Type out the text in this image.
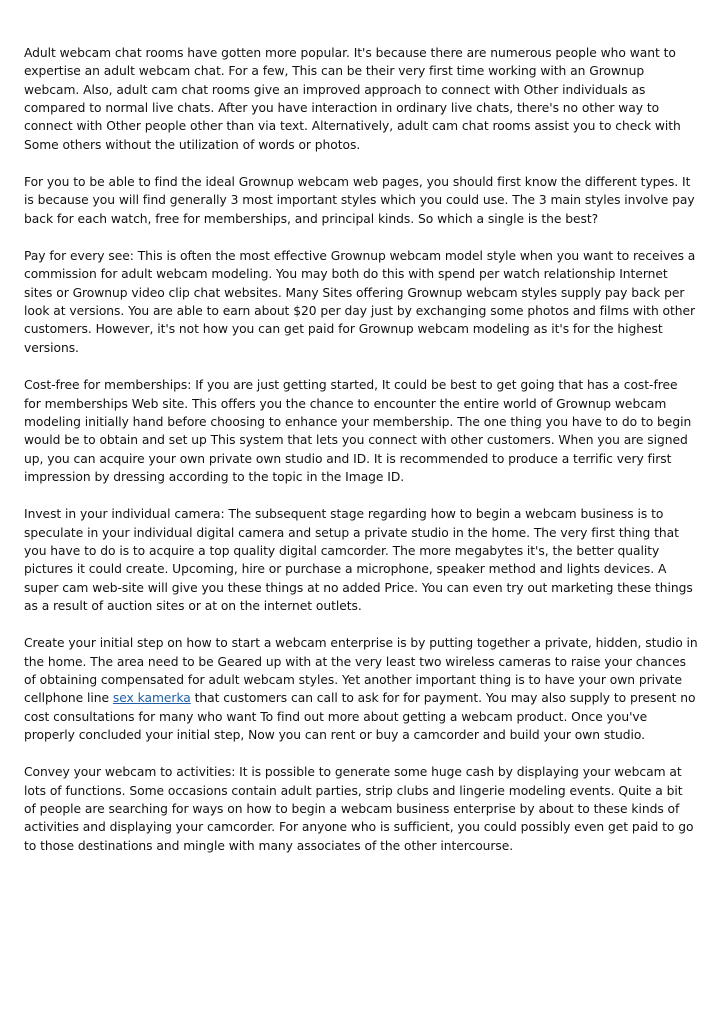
Adult webcam chat rooms have gotten more popular. It's because there are numerous people who want to expertise an adult webcam chat. For a few, This can be their very first time working with an Grownup webcam. Also, adult cam chat rooms give an improved approach to connect with Other individuals as compared to normal live chats. After you have interaction in ordinary live chats, there's no other way to connect with Other people other than via text. Alternatively, adult cam chat rooms assist you to check with Some others without the utilization of words or photos.

For you to be able to find the ideal Grownup webcam web pages, you should first know the different types. It is because you will find generally 3 most important styles which you could use. The 3 main styles involve pay back for each watch, free for memberships, and principal kinds. So which a single is the best?

Pay for every see: This is often the most effective Grownup webcam model style when you want to receives a commission for adult webcam modeling. You may both do this with spend per watch relationship Internet sites or Grownup video clip chat websites. Many Sites offering Grownup webcam styles supply pay back per look at versions. You are able to earn about $20 per day just by exchanging some photos and films with other customers. However, it's not how you can get paid for Grownup webcam modeling as it's for the highest versions.

Cost-free for memberships: If you are just getting started, It could be best to get going that has a cost-free for memberships Web site. This offers you the chance to encounter the entire world of Grownup webcam modeling initially hand before choosing to enhance your membership. The one thing you have to do to begin would be to obtain and set up This system that lets you connect with other customers. When you are signed up, you can acquire your own private own studio and ID. It is recommended to produce a terrific very first impression by dressing according to the topic in the Image ID.

Invest in your individual camera: The subsequent stage regarding how to begin a webcam business is to speculate in your individual digital camera and setup a private studio in the home. The very first thing that you have to do is to acquire a top quality digital camcorder. The more megabytes it's, the better quality pictures it could create. Upcoming, hire or purchase a microphone, speaker method and lights devices. A super cam web-site will give you these things at no added Price. You can even try out marketing these things as a result of auction sites or at on the internet outlets.

Create your initial step on how to start a webcam enterprise is by putting together a private, hidden, studio in the home. The area need to be Geared up with at the very least two wireless cameras to raise your chances of obtaining compensated for adult webcam styles. Yet another important thing is to have your own private cellphone line sex kamerka that customers can call to ask for for payment. You may also supply to present no cost consultations for many who want To find out more about getting a webcam product. Once you've properly concluded your initial step, Now you can rent or buy a camcorder and build your own studio.

Convey your webcam to activities: It is possible to generate some huge cash by displaying your webcam at lots of functions. Some occasions contain adult parties, strip clubs and lingerie modeling events. Quite a bit of people are searching for ways on how to begin a webcam business enterprise by about to these kinds of activities and displaying your camcorder. For anyone who is sufficient, you could possibly even get paid to go to those destinations and mingle with many associates of the other intercourse.
